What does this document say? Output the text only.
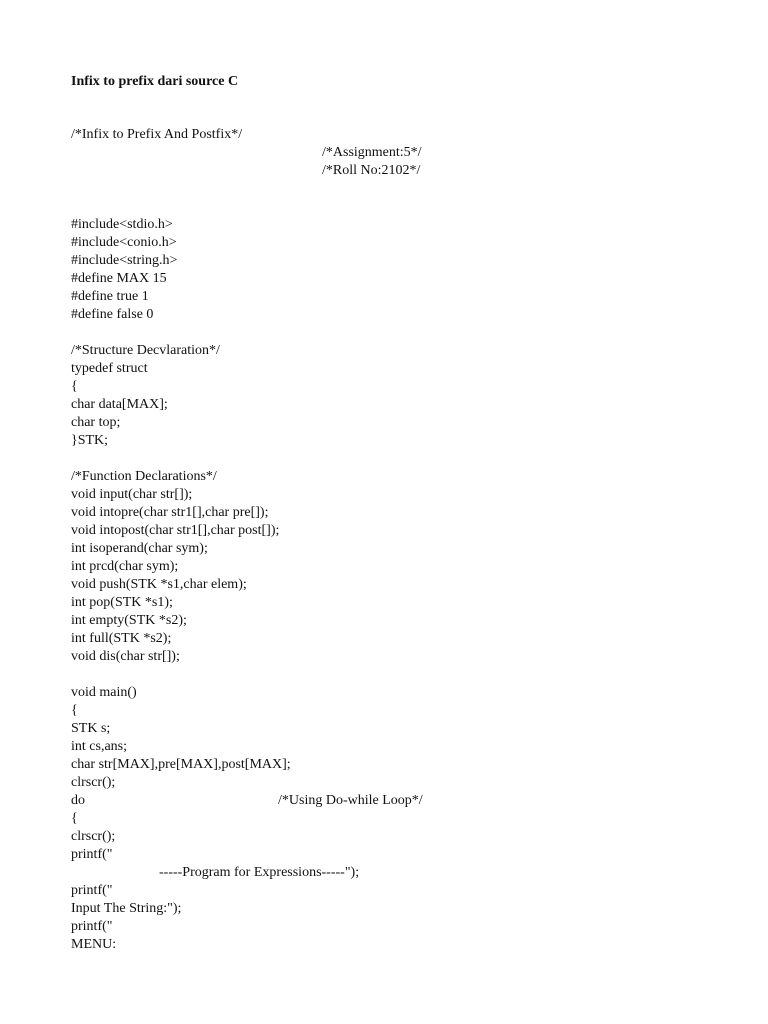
Infix to prefix dari source C
/*Infix to Prefix And Postfix*/
/*Assignment:5*/
/*Roll No:2102*/
#include<stdio.h>
#include<conio.h>
#include<string.h>
#define MAX 15
#define true 1
#define false 0
/*Structure Decvlaration*/
typedef struct
{
char data[MAX];
char top;
}STK;
/*Function Declarations*/
void input(char str[]);
void intopre(char str1[],char pre[]);
void intopost(char str1[],char post[]);
int isoperand(char sym);
int prcd(char sym);
void push(STK *s1,char elem);
int pop(STK *s1);
int empty(STK *s2);
int full(STK *s2);
void dis(char str[]);
void main()
{
STK s;
int cs,ans;
char str[MAX],pre[MAX],post[MAX];
clrscr();
do	/*Using Do-while Loop*/
{
clrscr();
printf("
-----Program for Expressions-----");
printf("
Input The String:");
printf("
MENU:
